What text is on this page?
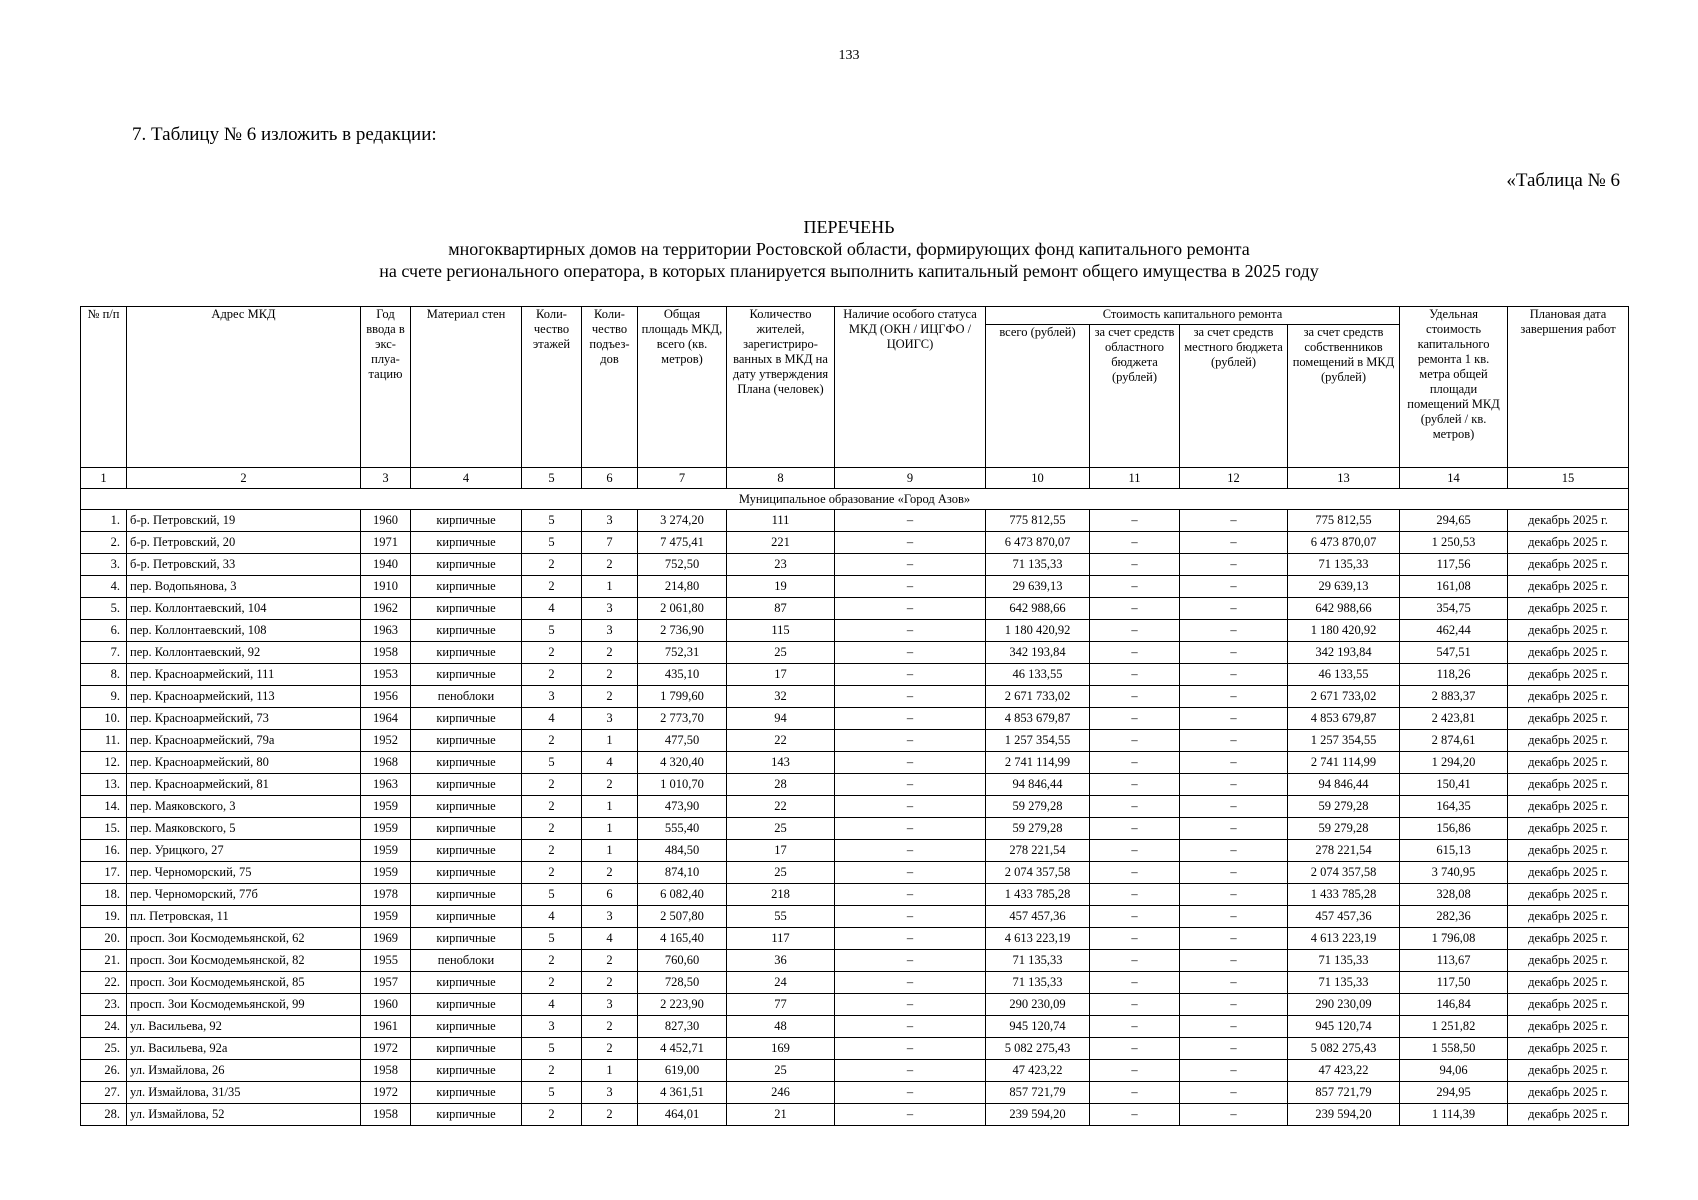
133
7. Таблицу № 6 изложить в редакции:
«Таблица № 6
ПЕРЕЧЕНЬ
многоквартирных домов на территории Ростовской области, формирующих фонд капитального ремонта
на счете регионального оператора, в которых планируется выполнить капитальный ремонт общего имущества в 2025 году
№ п/п	Адрес МКД	Год ввода в экс-плуа-тацию	Материал стен	Коли-чество этажей	Коли-чество подъез-дов	Общая площадь МКД, всего (кв. метров)	Количество жителей, зарегистриро-ванных в МКД на дату утверждения Плана (человек)	Наличие особого статуса МКД (ОКН / ИЦГФО / ЦОИГС)	Стоимость капитального ремонта				Удельная стоимость капитального ремонта 1 кв. метра общей площади помещений МКД (рублей / кв. метров)	Плановая дата завершения работ
									всего (рублей)	за счет средств областного бюджета (рублей)	за счет средств местного бюджета (рублей)	за счет средств собственников помещений в МКД (рублей)		
1	2	3	4	5	6	7	8	9	10	11	12	13	14	15
Муниципальное образование «Город Азов»														
1.	б-р. Петровский, 19	1960	кирпичные	5	3	3 274,20	111	–	775 812,55	–	–	775 812,55	294,65	декабрь 2025 г.
2.	б-р. Петровский, 20	1971	кирпичные	5	7	7 475,41	221	–	6 473 870,07	–	–	6 473 870,07	1 250,53	декабрь 2025 г.
3.	б-р. Петровский, 33	1940	кирпичные	2	2	752,50	23	–	71 135,33	–	–	71 135,33	117,56	декабрь 2025 г.
4.	пер. Водопьянова, 3	1910	кирпичные	2	1	214,80	19	–	29 639,13	–	–	29 639,13	161,08	декабрь 2025 г.
5.	пер. Коллонтаевский, 104	1962	кирпичные	4	3	2 061,80	87	–	642 988,66	–	–	642 988,66	354,75	декабрь 2025 г.
6.	пер. Коллонтаевский, 108	1963	кирпичные	5	3	2 736,90	115	–	1 180 420,92	–	–	1 180 420,92	462,44	декабрь 2025 г.
7.	пер. Коллонтаевский, 92	1958	кирпичные	2	2	752,31	25	–	342 193,84	–	–	342 193,84	547,51	декабрь 2025 г.
8.	пер. Красноармейский, 111	1953	кирпичные	2	2	435,10	17	–	46 133,55	–	–	46 133,55	118,26	декабрь 2025 г.
9.	пер. Красноармейский, 113	1956	пеноблоки	3	2	1 799,60	32	–	2 671 733,02	–	–	2 671 733,02	2 883,37	декабрь 2025 г.
10.	пер. Красноармейский, 73	1964	кирпичные	4	3	2 773,70	94	–	4 853 679,87	–	–	4 853 679,87	2 423,81	декабрь 2025 г.
11.	пер. Красноармейский, 79а	1952	кирпичные	2	1	477,50	22	–	1 257 354,55	–	–	1 257 354,55	2 874,61	декабрь 2025 г.
12.	пер. Красноармейский, 80	1968	кирпичные	5	4	4 320,40	143	–	2 741 114,99	–	–	2 741 114,99	1 294,20	декабрь 2025 г.
13.	пер. Красноармейский, 81	1963	кирпичные	2	2	1 010,70	28	–	94 846,44	–	–	94 846,44	150,41	декабрь 2025 г.
14.	пер. Маяковского, 3	1959	кирпичные	2	1	473,90	22	–	59 279,28	–	–	59 279,28	164,35	декабрь 2025 г.
15.	пер. Маяковского, 5	1959	кирпичные	2	1	555,40	25	–	59 279,28	–	–	59 279,28	156,86	декабрь 2025 г.
16.	пер. Урицкого, 27	1959	кирпичные	2	1	484,50	17	–	278 221,54	–	–	278 221,54	615,13	декабрь 2025 г.
17.	пер. Черноморский, 75	1959	кирпичные	2	2	874,10	25	–	2 074 357,58	–	–	2 074 357,58	3 740,95	декабрь 2025 г.
18.	пер. Черноморский, 77б	1978	кирпичные	5	6	6 082,40	218	–	1 433 785,28	–	–	1 433 785,28	328,08	декабрь 2025 г.
19.	пл. Петровская, 11	1959	кирпичные	4	3	2 507,80	55	–	457 457,36	–	–	457 457,36	282,36	декабрь 2025 г.
20.	просп. Зои Космодемьянской, 62	1969	кирпичные	5	4	4 165,40	117	–	4 613 223,19	–	–	4 613 223,19	1 796,08	декабрь 2025 г.
21.	просп. Зои Космодемьянской, 82	1955	пеноблоки	2	2	760,60	36	–	71 135,33	–	–	71 135,33	113,67	декабрь 2025 г.
22.	просп. Зои Космодемьянской, 85	1957	кирпичные	2	2	728,50	24	–	71 135,33	–	–	71 135,33	117,50	декабрь 2025 г.
23.	просп. Зои Космодемьянской, 99	1960	кирпичные	4	3	2 223,90	77	–	290 230,09	–	–	290 230,09	146,84	декабрь 2025 г.
24.	ул. Васильева, 92	1961	кирпичные	3	2	827,30	48	–	945 120,74	–	–	945 120,74	1 251,82	декабрь 2025 г.
25.	ул. Васильева, 92а	1972	кирпичные	5	2	4 452,71	169	–	5 082 275,43	–	–	5 082 275,43	1 558,50	декабрь 2025 г.
26.	ул. Измайлова, 26	1958	кирпичные	2	1	619,00	25	–	47 423,22	–	–	47 423,22	94,06	декабрь 2025 г.
27.	ул. Измайлова, 31/35	1972	кирпичные	5	3	4 361,51	246	–	857 721,79	–	–	857 721,79	294,95	декабрь 2025 г.
28.	ул. Измайлова, 52	1958	кирпичные	2	2	464,01	21	–	239 594,20	–	–	239 594,20	1 114,39	декабрь 2025 г.
